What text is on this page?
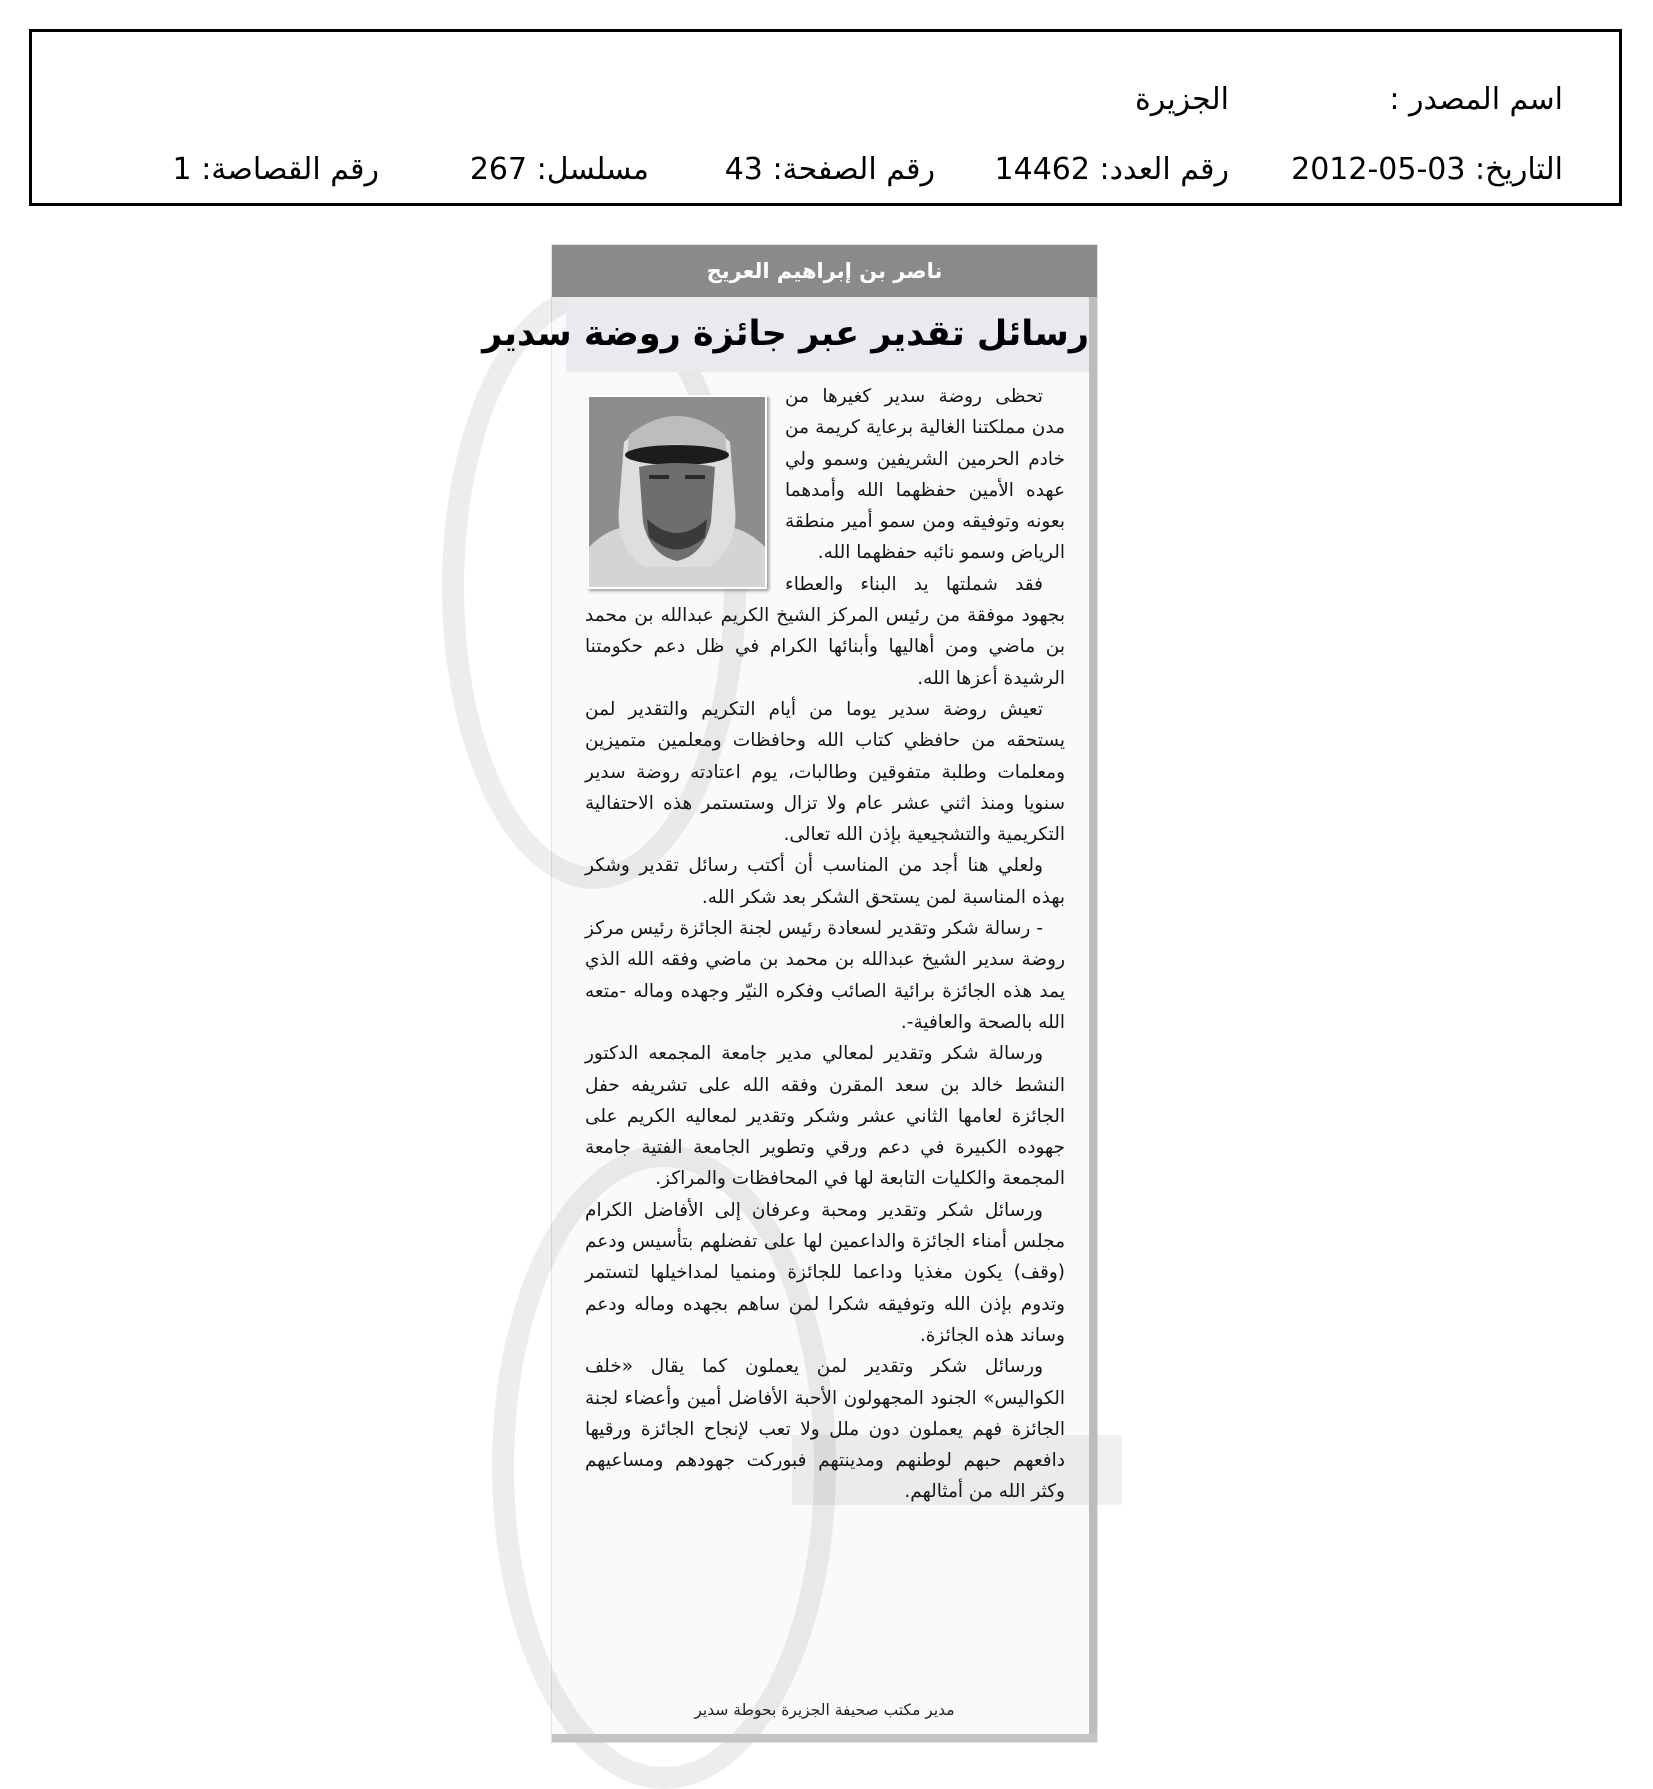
اسم المصدر :
الجزيرة
التاريخ: 2012-05-03
رقم العدد: 14462
رقم الصفحة: 43
مسلسل: 267
رقم القصاصة: 1
ناصر بن إبراهيم العريج
رسائل تقدير عبر جائزة روضة سدير

تحظى روضة سدير كغيرها من مدن مملكتنا الغالية برعاية كريمة من خادم الحرمين الشريفين وسمو ولي عهده الأمين حفظهما الله وأمدهما بعونه وتوفيقه ومن سمو أمير منطقة الرياض وسمو نائبه حفظهما الله.

فقد شملتها يد البناء والعطاء بجهود موفقة من رئيس المركز الشيخ الكريم عبدالله بن محمد بن ماضي ومن أهاليها وأبنائها الكرام في ظل دعم حكومتنا الرشيدة أعزها الله.

تعيش روضة سدير يوما من أيام التكريم والتقدير لمن يستحقه من حافظي كتاب الله وحافظات ومعلمين متميزين ومعلمات وطلبة متفوقين وطالبات، يوم اعتادته روضة سدير سنويا ومنذ اثني عشر عام ولا تزال وستستمر هذه الاحتفالية التكريمية والتشجيعية بإذن الله تعالى.

ولعلي هنا أجد من المناسب أن أكتب رسائل تقدير وشكر بهذه المناسبة لمن يستحق الشكر بعد شكر الله.

- رسالة شكر وتقدير لسعادة رئيس لجنة الجائزة رئيس مركز روضة سدير الشيخ عبدالله بن محمد بن ماضي وفقه الله الذي يمد هذه الجائزة برائية الصائب وفكره النيّر وجهده وماله -متعه الله بالصحة والعافية-.

ورسالة شكر وتقدير لمعالي مدير جامعة المجمعه الدكتور النشط خالد بن سعد المقرن وفقه الله على تشريفه حفل الجائزة لعامها الثاني عشر وشكر وتقدير لمعاليه الكريم على جهوده الكبيرة في دعم ورقي وتطوير الجامعة الفتية جامعة المجمعة والكليات التابعة لها في المحافظات والمراكز.

ورسائل شكر وتقدير ومحبة وعرفان إلى الأفاضل الكرام مجلس أمناء الجائزة والداعمين لها على تفضلهم بتأسيس ودعم (وقف) يكون مغذيا وداعما للجائزة ومنميا لمداخيلها لتستمر وتدوم بإذن الله وتوفيقه شكرا لمن ساهم بجهده وماله ودعم وساند هذه الجائزة.

ورسائل شكر وتقدير لمن يعملون كما يقال «خلف الكواليس» الجنود المجهولون الأحبة الأفاضل أمين وأعضاء لجنة الجائزة فهم يعملون دون ملل ولا تعب لإنجاح الجائزة ورقيها دافعهم حبهم لوطنهم ومدينتهم فبوركت جهودهم ومساعيهم وكثر الله من أمثالهم.

مدير مكتب صحيفة الجزيرة بحوطة سدير
